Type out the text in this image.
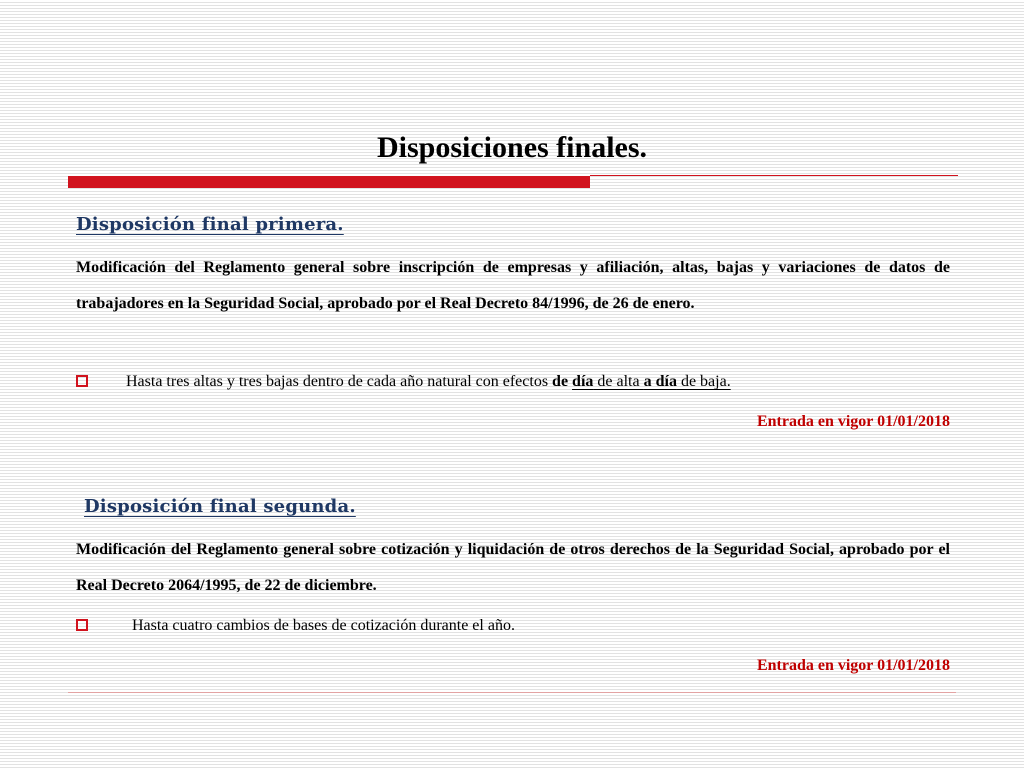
Disposiciones finales.
Disposición final primera.
Modificación del Reglamento general sobre inscripción de empresas y afiliación, altas, bajas y variaciones de datos de trabajadores en la Seguridad Social, aprobado por el Real Decreto 84/1996, de 26 de enero.
Hasta tres altas y tres bajas dentro de cada año natural con efectos de día de alta a día de baja.
Entrada en vigor 01/01/2018
Disposición final segunda.
Modificación del Reglamento general sobre cotización y liquidación de otros derechos de la Seguridad Social, aprobado por el Real Decreto 2064/1995, de 22 de diciembre.
Hasta cuatro cambios de bases de cotización durante el año.
Entrada en vigor 01/01/2018
